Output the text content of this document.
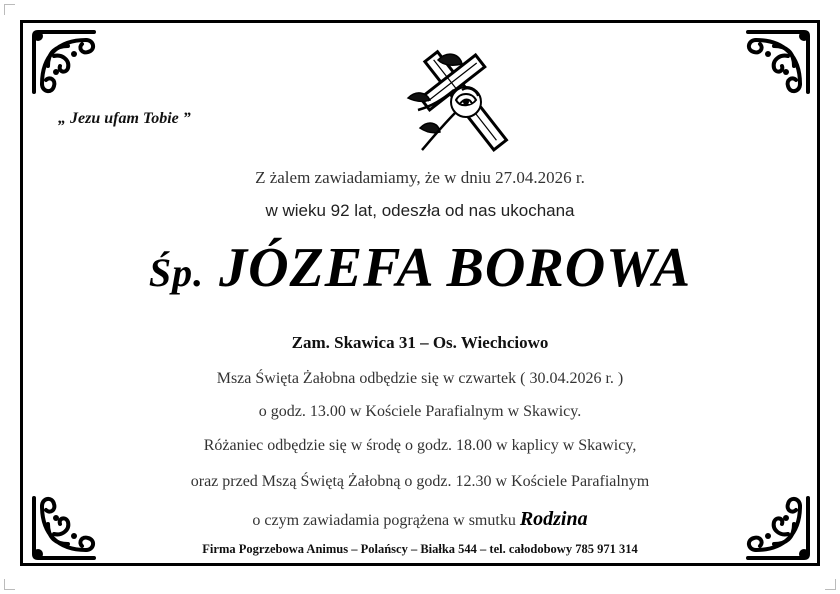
„ Jezu ufam Tobie ”
Z żalem zawiadamiamy, że w dniu 27.04.2026 r.
w wieku 92 lat, odeszła od nas ukochana
Śp. JÓZEFA BOROWA
Zam. Skawica 31 – Os. Wiechciowo
Msza Święta Żałobna odbędzie się w czwartek ( 30.04.2026 r. )
o godz. 13.00 w Kościele Parafialnym w Skawicy.
Różaniec odbędzie się w środę o godz. 18.00 w kaplicy w Skawicy,
oraz przed Mszą Świętą Żałobną o godz. 12.30 w Kościele Parafialnym
o czym zawiadamia pogrążena w smutku Rodzina
Firma Pogrzebowa Animus – Polańscy – Białka 544 – tel. całodobowy 785 971 314
